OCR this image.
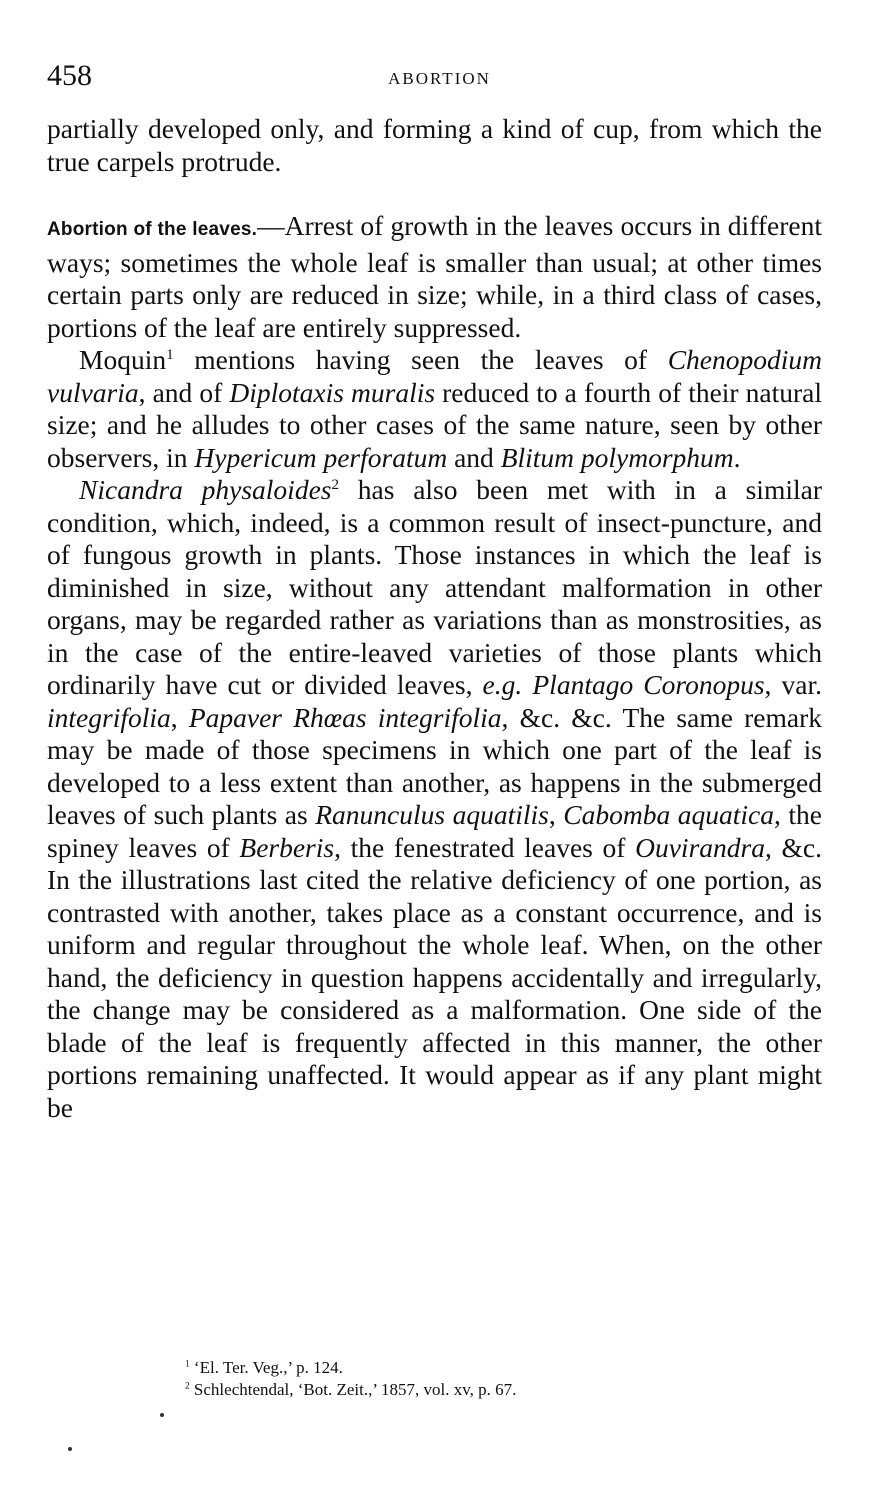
458	ABORTION

partially developed only, and forming a kind of cup, from which the true carpels protrude.

Abortion of the leaves.—Arrest of growth in the leaves occurs in different ways; sometimes the whole leaf is smaller than usual; at other times certain parts only are reduced in size; while, in a third class of cases, portions of the leaf are entirely suppressed.

Moquin$^1$ mentions having seen the leaves of Chenopodium vulvaria, and of Diplotaxis muralis reduced to a fourth of their natural size; and he alludes to other cases of the same nature, seen by other observers, in Hypericum perforatum and Blitum polymorphum.

Nicandra physaloides$^2$ has also been met with in a similar condition, which, indeed, is a common result of insect-puncture, and of fungous growth in plants. Those instances in which the leaf is diminished in size, without any attendant malformation in other organs, may be regarded rather as variations than as monstrosities, as in the case of the entire-leaved varieties of those plants which ordinarily have cut or divided leaves, e.g. Plantago Coronopus, var. integrifolia, Papaver Rhœas integrifolia, &c. &c. The same remark may be made of those specimens in which one part of the leaf is developed to a less extent than another, as happens in the submerged leaves of such plants as Ranunculus aquatilis, Cabomba aquatica, the spiney leaves of Berberis, the fenestrated leaves of Ouvirandra, &c. In the illustrations last cited the relative deficiency of one portion, as contrasted with another, takes place as a constant occurrence, and is uniform and regular throughout the whole leaf. When, on the other hand, the deficiency in question happens accidentally and irregularly, the change may be considered as a malformation. One side of the blade of the leaf is frequently affected in this manner, the other portions remaining unaffected. It would appear as if any plant might be

$^1$ ‘El. Ter. Veg.,’ p. 124.

$^2$ Schlechtendal, ‘Bot. Zeit.,’ 1857, vol. xv, p. 67.
